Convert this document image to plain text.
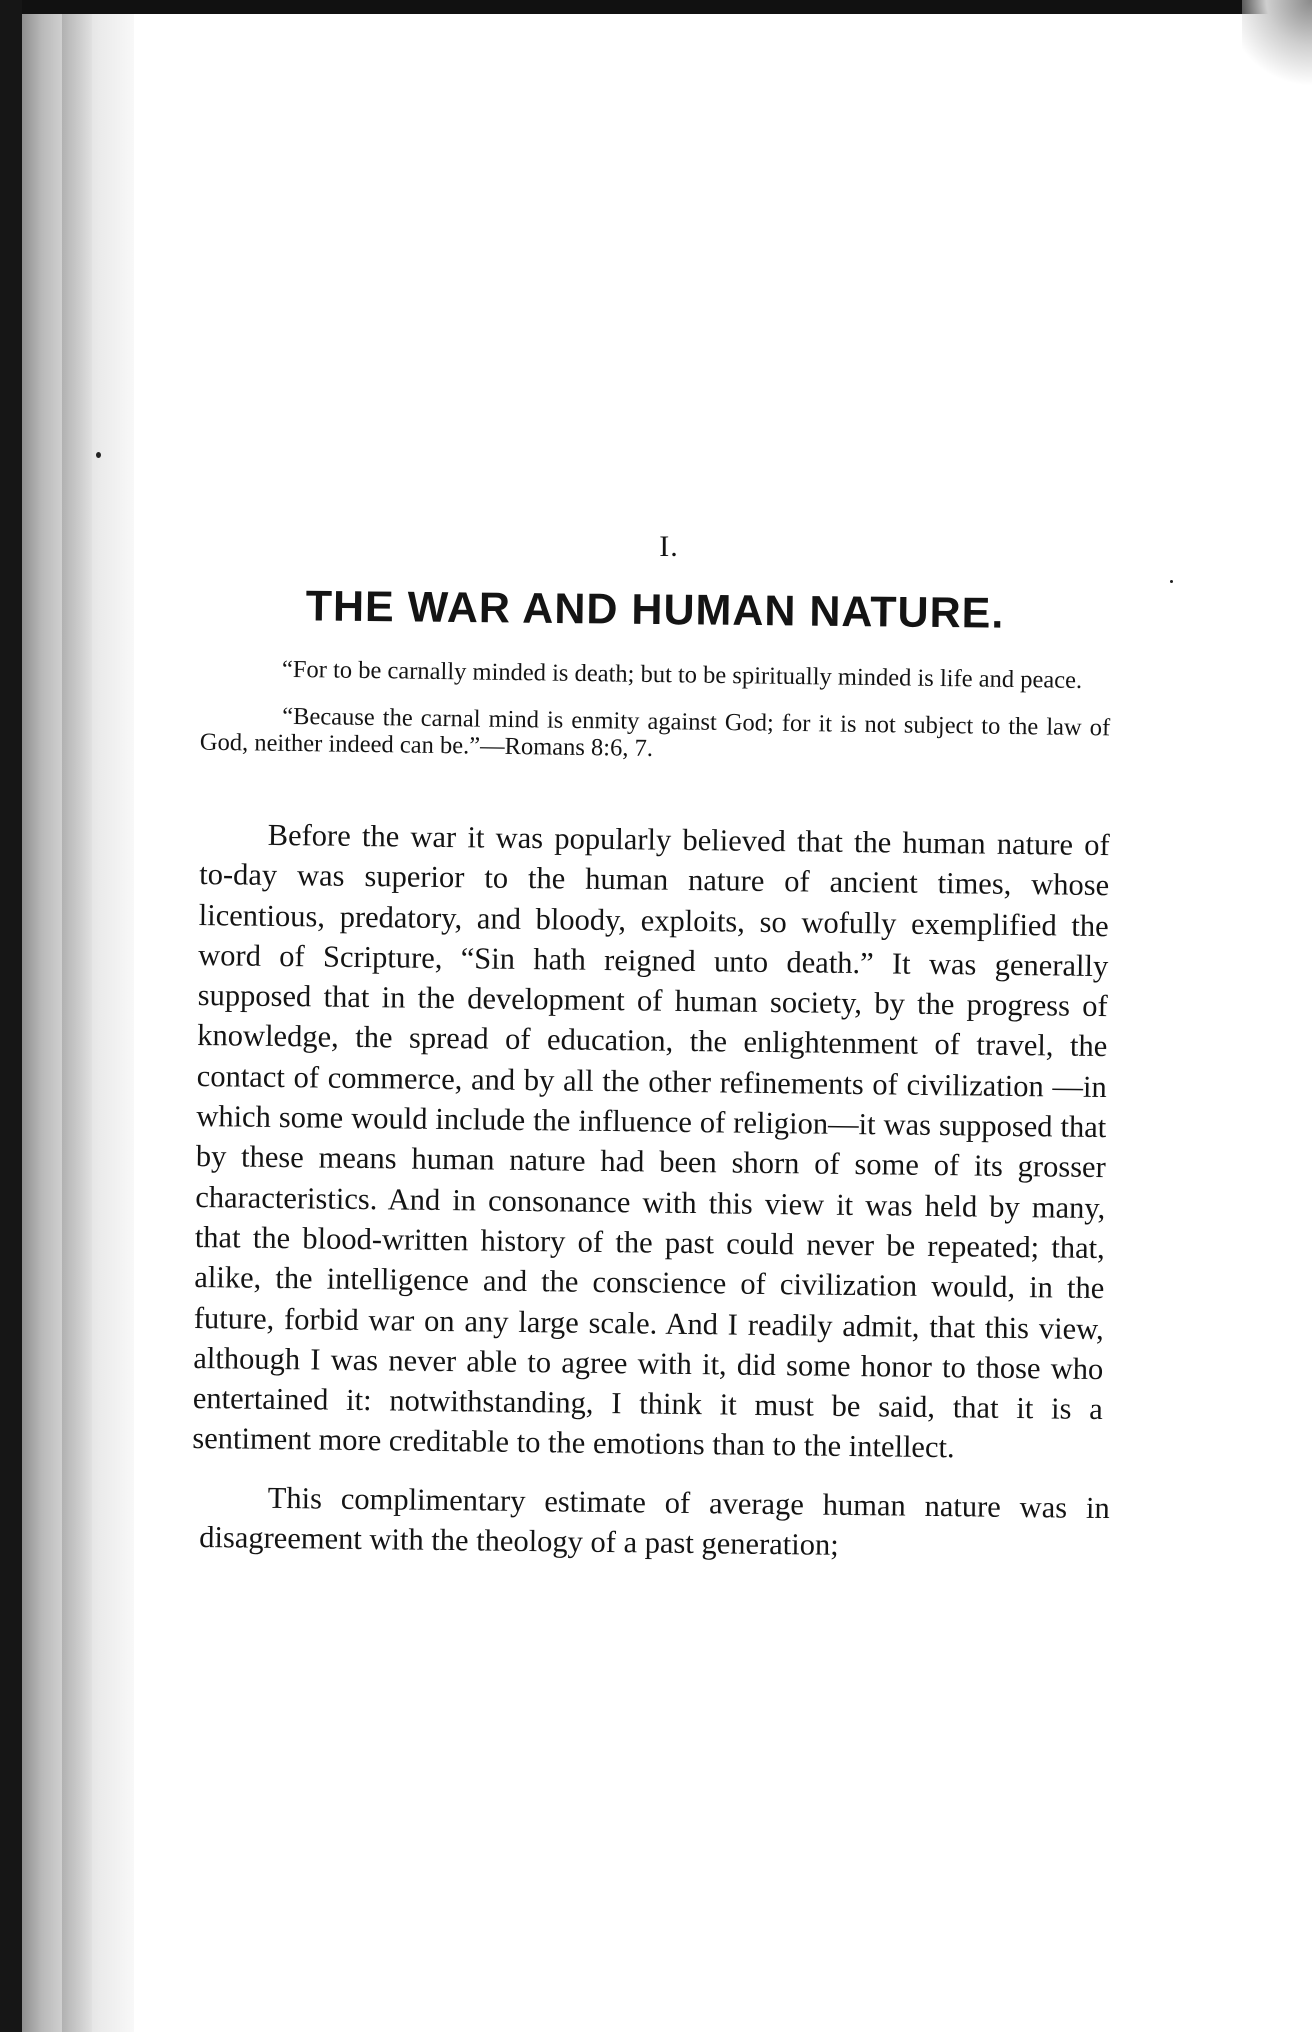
I.
THE WAR AND HUMAN NATURE.

“For to be carnally minded is death; but to be spiritually minded is life and peace.

“Because the carnal mind is enmity against God; for it is not subject to the law of God, neither indeed can be.”—Romans 8:6, 7.

Before the war it was popularly believed that the human nature of to-day was superior to the human nature of ancient times, whose licentious, predatory, and bloody, exploits, so wofully exemplified the word of Scripture, “Sin hath reigned unto death.” It was generally supposed that in the development of human society, by the progress of knowledge, the spread of education, the enlightenment of travel, the contact of commerce, and by all the other refinements of civilization —in which some would include the influence of religion—it was supposed that by these means human nature had been shorn of some of its grosser characteristics. And in consonance with this view it was held by many, that the blood-written history of the past could never be repeated; that, alike, the intelligence and the conscience of civilization would, in the future, forbid war on any large scale. And I readily admit, that this view, although I was never able to agree with it, did some honor to those who entertained it: notwithstanding, I think it must be said, that it is a sentiment more creditable to the emotions than to the intellect.

This complimentary estimate of average human nature was in disagreement with the theology of a past generation;
